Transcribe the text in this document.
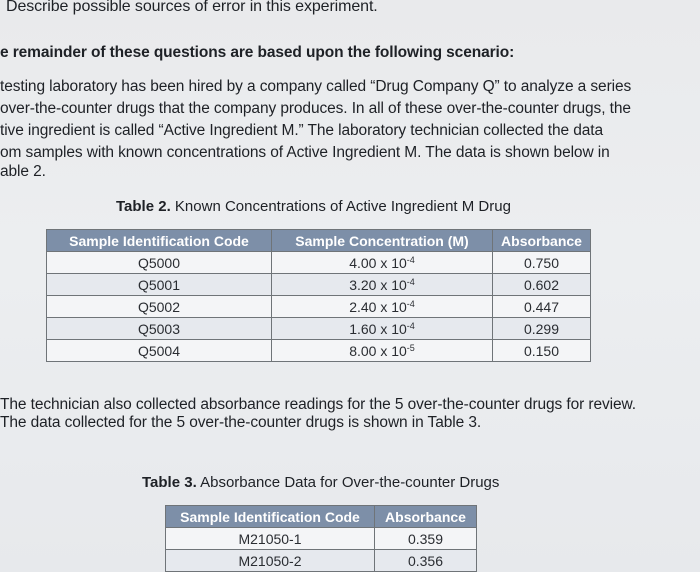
Describe possible sources of error in this experiment.
e remainder of these questions are based upon the following scenario:
testing laboratory has been hired by a company called “Drug Company Q” to analyze a series
over-the-counter drugs that the company produces. In all of these over-the-counter drugs, the
tive ingredient is called “Active Ingredient M.” The laboratory technician collected the data
om samples with known concentrations of Active Ingredient M. The data is shown below in
able 2.
Table 2. Known Concentrations of Active Ingredient M Drug
Sample Identification Code	Sample Concentration (M)	Absorbance
Q5000	4.00 x $10^{-4}$	0.750
Q5001	3.20 x $10^{-4}$	0.602
Q5002	2.40 x $10^{-4}$	0.447
Q5003	1.60 x $10^{-4}$	0.299
Q5004	8.00 x $10^{-5}$	0.150
The technician also collected absorbance readings for the 5 over-the-counter drugs for review.
The data collected for the 5 over-the-counter drugs is shown in Table 3.
Table 3. Absorbance Data for Over-the-counter Drugs
Sample Identification Code	Absorbance
M21050-1	0.359
M21050-2	0.356
